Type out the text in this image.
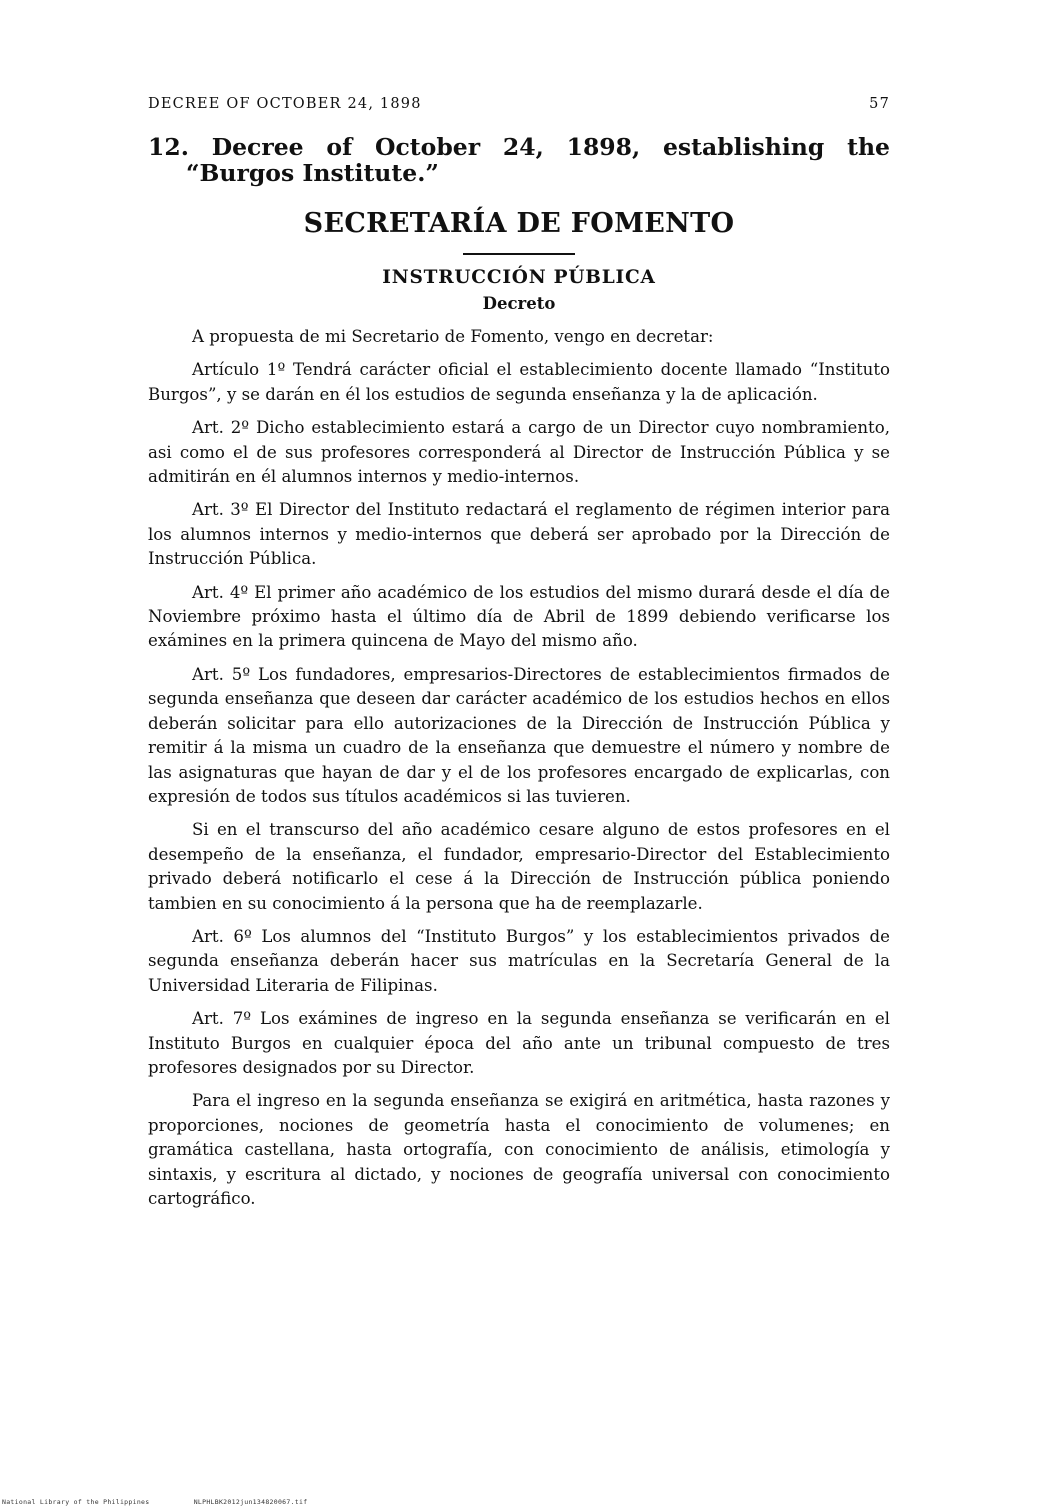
DECREE OF OCTOBER 24, 1898	57
12. Decree of October 24, 1898, establishing the “Burgos Institute.”
SECRETARÍA DE FOMENTO
INSTRUCCIÓN PÚBLICA
Decreto

A propuesta de mi Secretario de Fomento, vengo en decretar:

Artículo 1º Tendrá carácter oficial el establecimiento docente llamado “Instituto Burgos”, y se darán en él los estudios de segunda enseñanza y la de aplicación.

Art. 2º Dicho establecimiento estará a cargo de un Director cuyo nombramiento, asi como el de sus profesores corresponderá al Director de Instrucción Pública y se admitirán en él alumnos internos y medio-internos.

Art. 3º El Director del Instituto redactará el reglamento de régimen interior para los alumnos internos y medio-internos que deberá ser aprobado por la Dirección de Instrucción Pública.

Art. 4º El primer año académico de los estudios del mismo durará desde el día de Noviembre próximo hasta el último día de Abril de 1899 debiendo verificarse los exámines en la primera quincena de Mayo del mismo año.

Art. 5º Los fundadores, empresarios-Directores de establecimientos firmados de segunda enseñanza que deseen dar carácter académico de los estudios hechos en ellos deberán solicitar para ello autorizaciones de la Dirección de Instrucción Pública y remitir á la misma un cuadro de la enseñanza que demuestre el número y nombre de las asignaturas que hayan de dar y el de los profesores encargado de explicarlas, con expresión de todos sus títulos académicos si las tuvieren.

Si en el transcurso del año académico cesare alguno de estos profesores en el desempeño de la enseñanza, el fundador, empresario-Director del Establecimiento privado deberá notificarlo el cese á la Dirección de Instrucción pública poniendo tambien en su conocimiento á la persona que ha de reemplazarle.

Art. 6º Los alumnos del “Instituto Burgos” y los establecimientos privados de segunda enseñanza deberán hacer sus matrículas en la Secretaría General de la Universidad Literaria de Filipinas.

Art. 7º Los exámines de ingreso en la segunda enseñanza se verificarán en el Instituto Burgos en cualquier época del año ante un tribunal compuesto de tres profesores designados por su Director.

Para el ingreso en la segunda enseñanza se exigirá en aritmética, hasta razones y proporciones, nociones de geometría hasta el conocimiento de volumenes; en gramática castellana, hasta ortografía, con conocimiento de análisis, etimología y sintaxis, y escritura al dictado, y nociones de geografía universal con conocimiento cartográfico.

National Library of the Philippines	NLPHLBK2012jun134820067.tif
